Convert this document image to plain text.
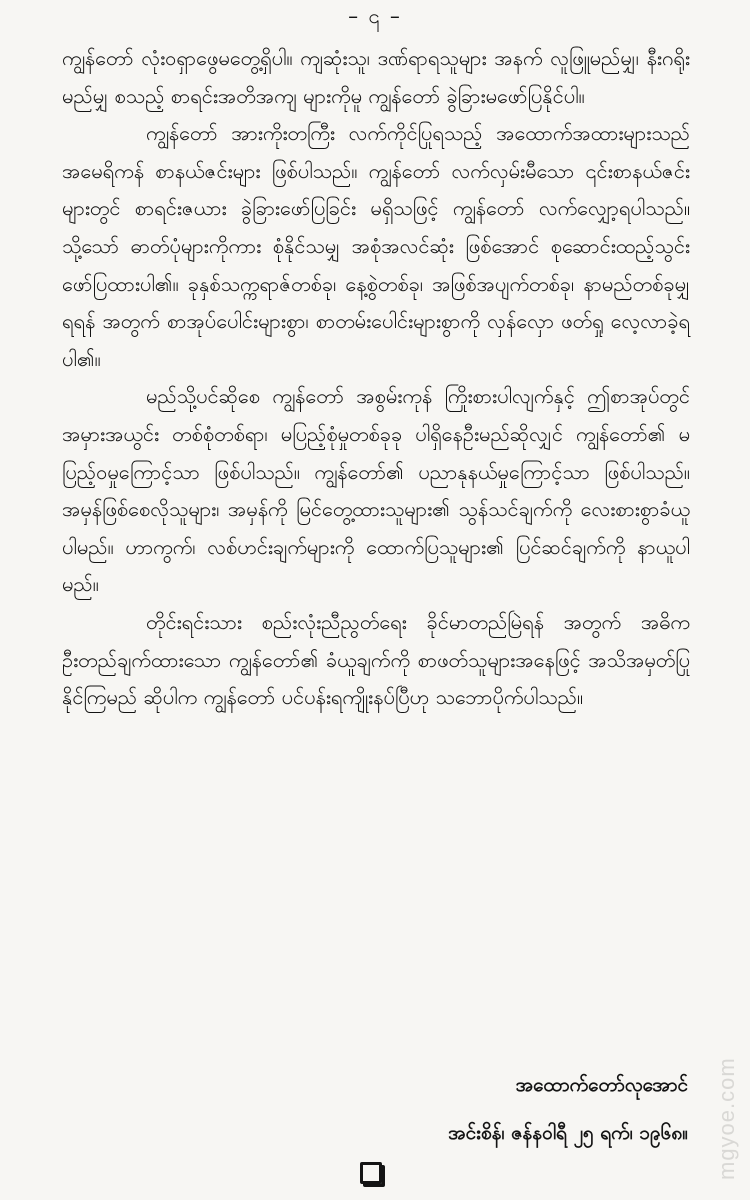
– ၎ –

ကျွန်တော် လုံးဝရှာဖွေမတွေ့ရှိပါ။ ကျဆုံးသူ၊ ဒဏ်ရာရသူများ အနက် လူဖြူမည်မျှ၊ နီးဂရိုးမည်မျှ စသည့် စာရင်းအတိအကျ များကိုမူ ကျွန်တော် ခွဲခြားမဖော်ပြနိုင်ပါ။

ကျွန်တော် အားကိုးတကြီး လက်ကိုင်ပြုရသည့် အထောက်အထားများသည် အမေရိကန် စာနယ်ဇင်းများ ဖြစ်ပါသည်။ ကျွန်တော် လက်လှမ်းမီသော ၎င်းစာနယ်ဇင်းများတွင် စာရင်းဇယား ခွဲခြားဖော်ပြခြင်း မရှိသဖြင့် ကျွန်တော် လက်လျှော့ရပါသည်။ သို့သော် ဓာတ်ပုံများကိုကား စုံနိုင်သမျှ အစုံအလင်ဆုံး ဖြစ်အောင် စုဆောင်းထည့်သွင်း ဖော်ပြထားပါ၏။ ခုနှစ်သက္ကရာဇ်တစ်ခု၊ နေ့စွဲတစ်ခု၊ အဖြစ်အပျက်တစ်ခု၊ နာမည်တစ်ခုမျှ ရရန် အတွက် စာအုပ်ပေါင်းများစွာ၊ စာတမ်းပေါင်းများစွာကို လှန်လှော ဖတ်ရှု လေ့လာခဲ့ရပါ၏။

မည်သို့ပင်ဆိုစေ ကျွန်တော် အစွမ်းကုန် ကြိုးစားပါလျက်နှင့် ဤစာအုပ်တွင် အမှားအယွင်း တစ်စုံတစ်ရာ၊ မပြည့်စုံမှုတစ်ခုခု ပါရှိနေဦးမည်ဆိုလျှင် ကျွန်တော်၏ မပြည့်ဝမှုကြောင့်သာ ဖြစ်ပါသည်။ ကျွန်တော်၏ ပညာနုနယ်မှုကြောင့်သာ ဖြစ်ပါသည်။ အမှန်ဖြစ်စေလိုသူများ၊ အမှန်ကို မြင်တွေ့ထားသူများ၏ သွန်သင်ချက်ကို လေးစားစွာခံယူပါမည်။ ဟာကွက်၊ လစ်ဟင်းချက်များကို ထောက်ပြသူများ၏ ပြင်ဆင်ချက်ကို နာယူပါမည်။

တိုင်းရင်းသား စည်းလုံးညီညွတ်ရေး ခိုင်မာတည်မြဲရန် အတွက် အဓိက ဦးတည်ချက်ထားသော ကျွန်တော်၏ ခံယူချက်ကို စာဖတ်သူများအနေဖြင့် အသိအမှတ်ပြုနိုင်ကြမည် ဆိုပါက ကျွန်တော် ပင်ပန်းရကျိုးနပ်ပြီဟု သဘောပိုက်ပါသည်။

အထောက်တော်လုအောင်
အင်းစိန်၊ ဇန်နဝါရီ ၂၅ ရက်၊ ၁၉၆၈။ mgyoe.com
